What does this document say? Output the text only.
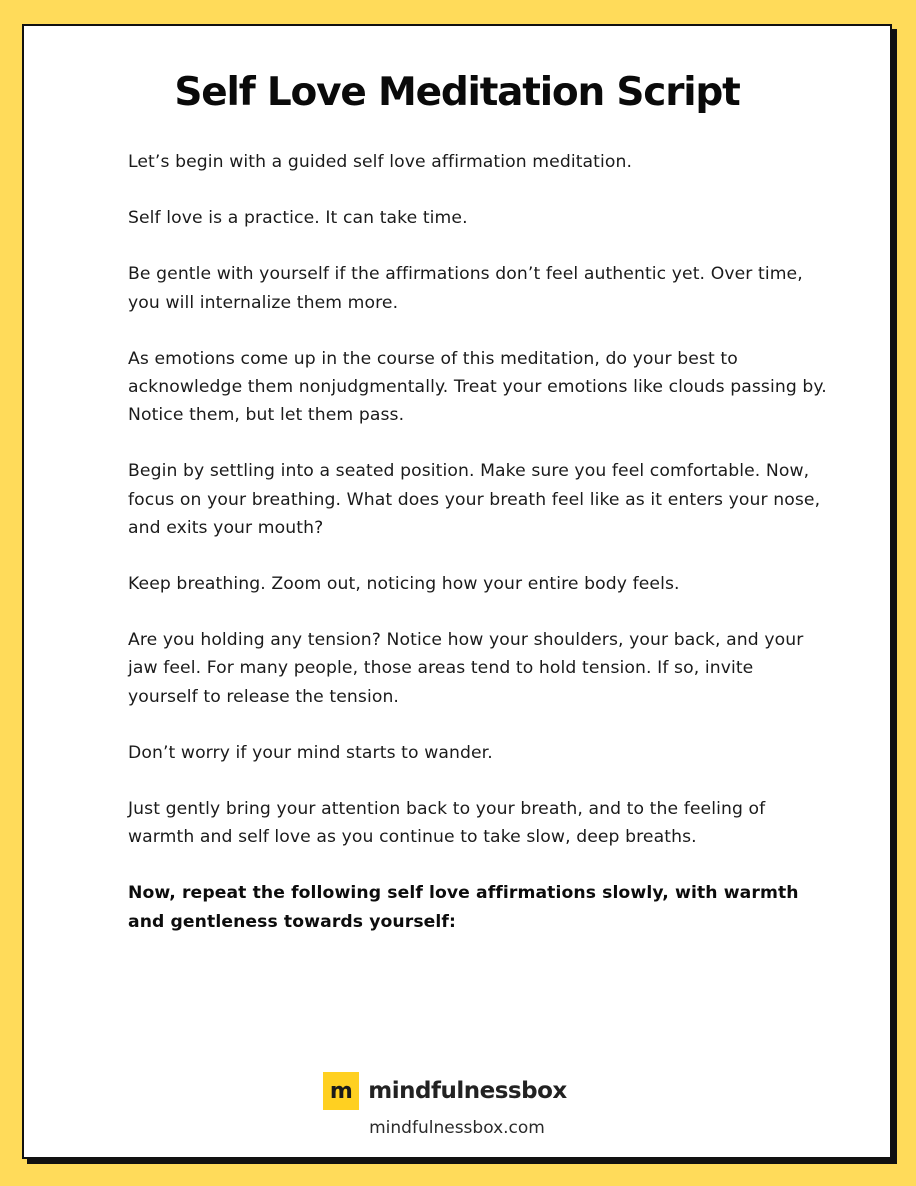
Self Love Meditation Script

Let’s begin with a guided self love affirmation meditation.

Self love is a practice. It can take time.

Be gentle with yourself if the affirmations don’t feel authentic yet. Over time, you will internalize them more.

As emotions come up in the course of this meditation, do your best to acknowledge them nonjudgmentally. Treat your emotions like clouds passing by. Notice them, but let them pass.

Begin by settling into a seated position. Make sure you feel comfortable. Now, focus on your breathing. What does your breath feel like as it enters your nose, and exits your mouth?

Keep breathing. Zoom out, noticing how your entire body feels.

Are you holding any tension? Notice how your shoulders, your back, and your jaw feel. For many people, those areas tend to hold tension. If so, invite yourself to release the tension.

Don’t worry if your mind starts to wander.

Just gently bring your attention back to your breath, and to the feeling of warmth and self love as you continue to take slow, deep breaths.

Now, repeat the following self love affirmations slowly, with warmth and gentleness towards yourself:

m mindfulnessbox
mindfulnessbox.com
